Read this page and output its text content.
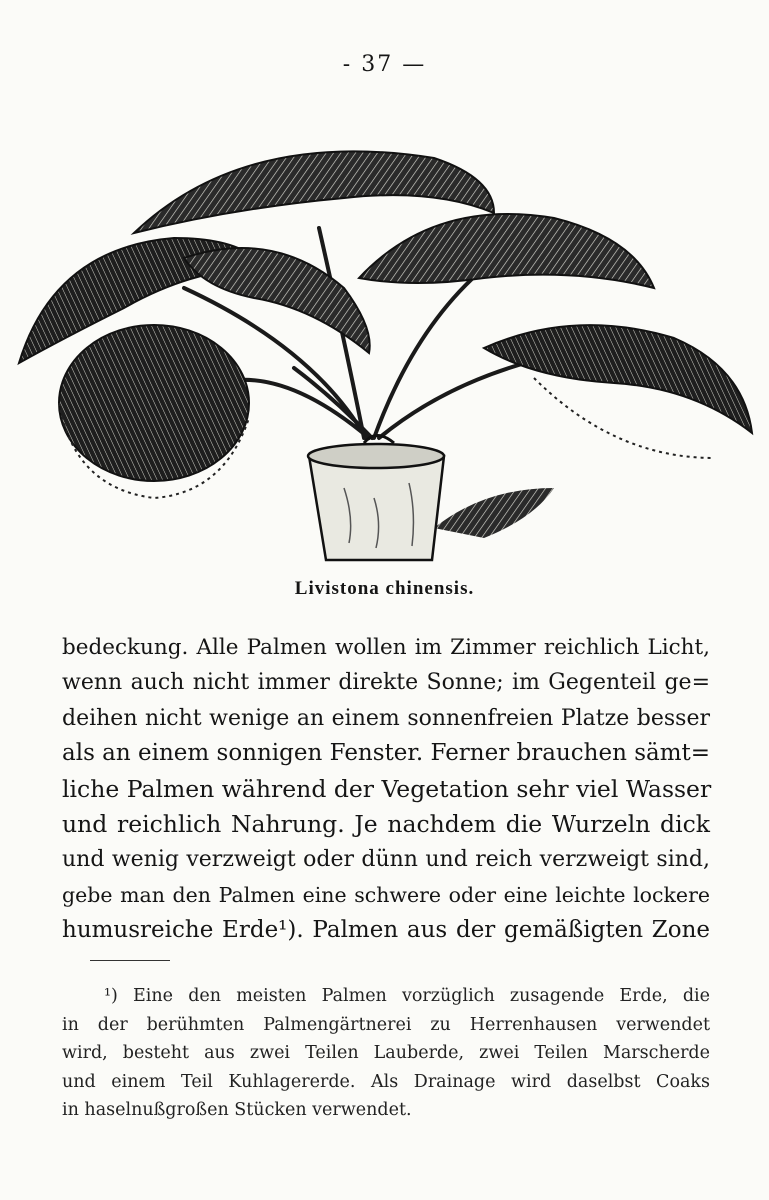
- 37 —
Livistona chinensis.
bedeckung. Alle Palmen wollen im Zimmer reichlich Licht,
wenn auch nicht immer direkte Sonne; im Gegenteil ge=
deihen nicht wenige an einem sonnenfreien Platze besser
als an einem sonnigen Fenster. Ferner brauchen sämt=
liche Palmen während der Vegetation sehr viel Wasser
und reichlich Nahrung. Je nachdem die Wurzeln dick
und wenig verzweigt oder dünn und reich verzweigt sind,
gebe man den Palmen eine schwere oder eine leichte lockere
humusreiche Erde¹). Palmen aus der gemäßigten Zone
¹) Eine den meisten Palmen vorzüglich zusagende Erde, die
in der berühmten Palmengärtnerei zu Herrenhausen verwendet
wird, besteht aus zwei Teilen Lauberde, zwei Teilen Marscherde
und einem Teil Kuhlagererde. Als Drainage wird daselbst Coaks
in haselnußgroßen Stücken verwendet.
